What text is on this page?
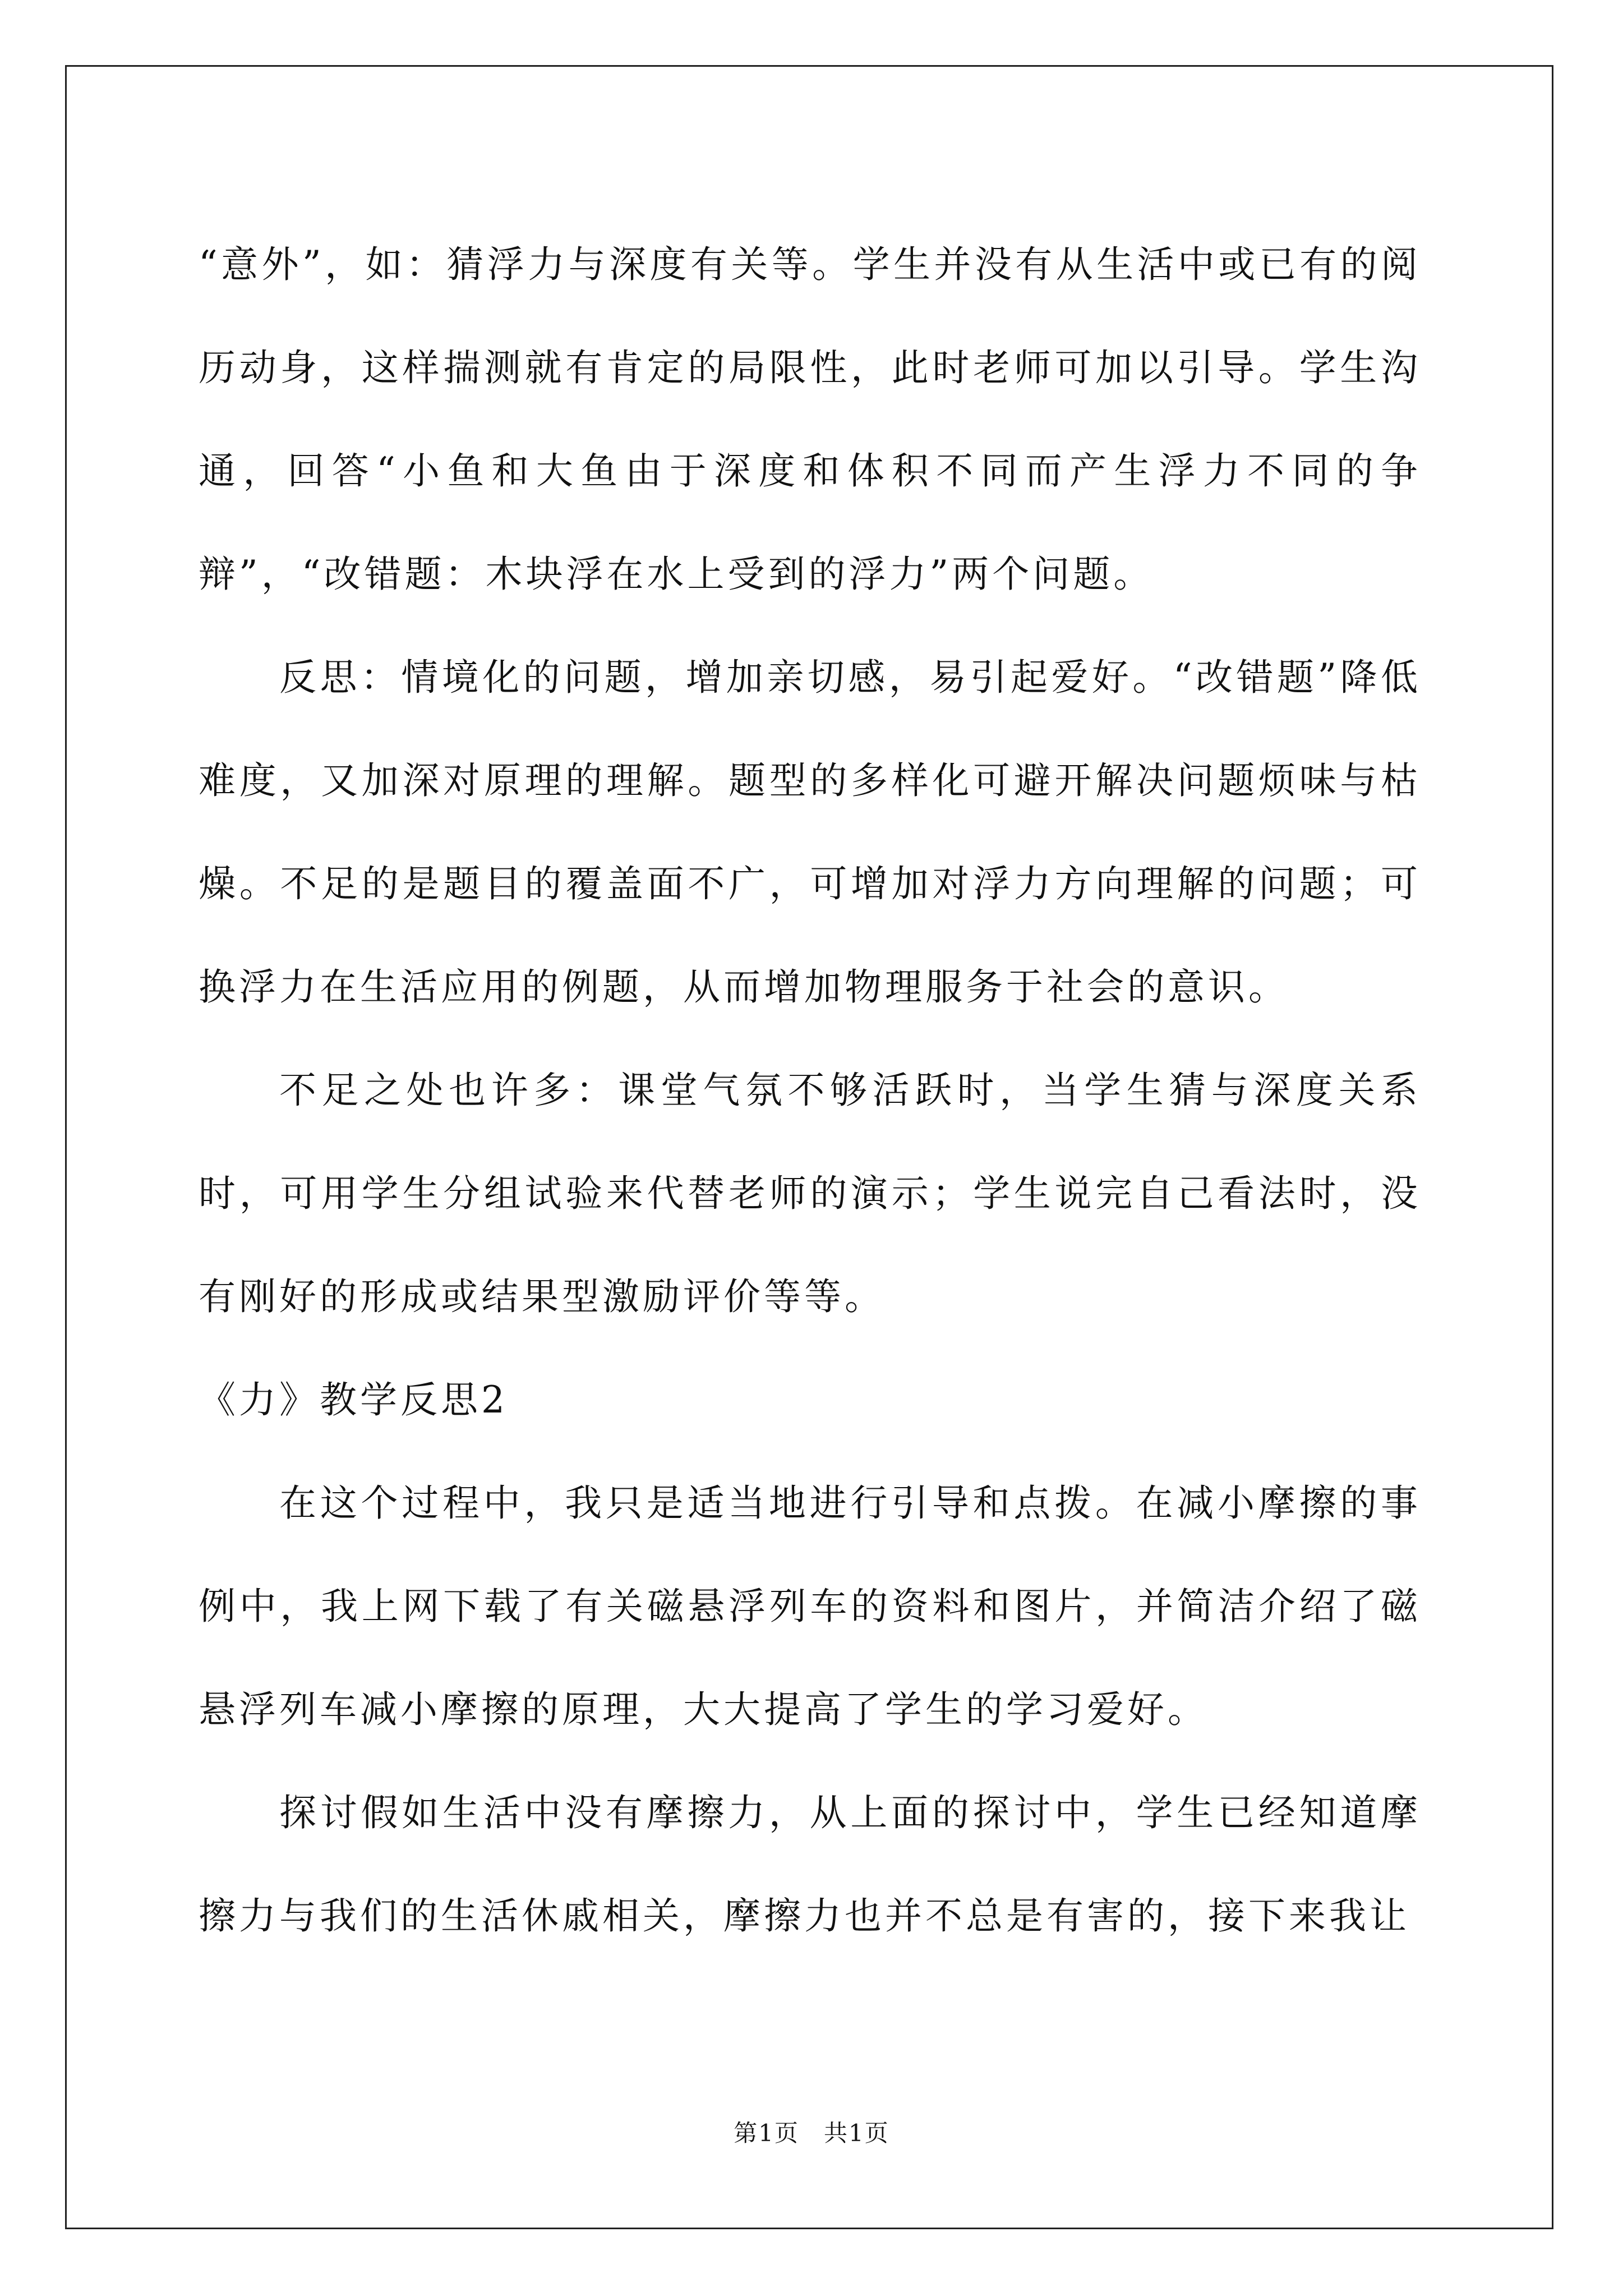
“意外”，如：猜浮力与深度有关等。学生并没有从生活中或已有的阅历动身，这样揣测就有肯定的局限性，此时老师可加以引导。学生沟通，回答“小鱼和大鱼由于深度和体积不同而产生浮力不同的争辩”，“改错题：木块浮在水上受到的浮力”两个问题。

反思：情境化的问题，增加亲切感，易引起爱好。“改错题”降低难度，又加深对原理的理解。题型的多样化可避开解决问题烦味与枯燥。不足的是题目的覆盖面不广，可增加对浮力方向理解的问题；可换浮力在生活应用的例题，从而增加物理服务于社会的意识。

不足之处也许多：课堂气氛不够活跃时，当学生猜与深度关系时，可用学生分组试验来代替老师的演示；学生说完自己看法时，没有刚好的形成或结果型激励评价等等。

《力》教学反思2

在这个过程中，我只是适当地进行引导和点拨。在减小摩擦的事例中，我上网下载了有关磁悬浮列车的资料和图片，并简洁介绍了磁悬浮列车减小摩擦的原理，大大提高了学生的学习爱好。

探讨假如生活中没有摩擦力，从上面的探讨中，学生已经知道摩擦力与我们的生活休戚相关，摩擦力也并不总是有害的，接下来我让

第1页　共1页
